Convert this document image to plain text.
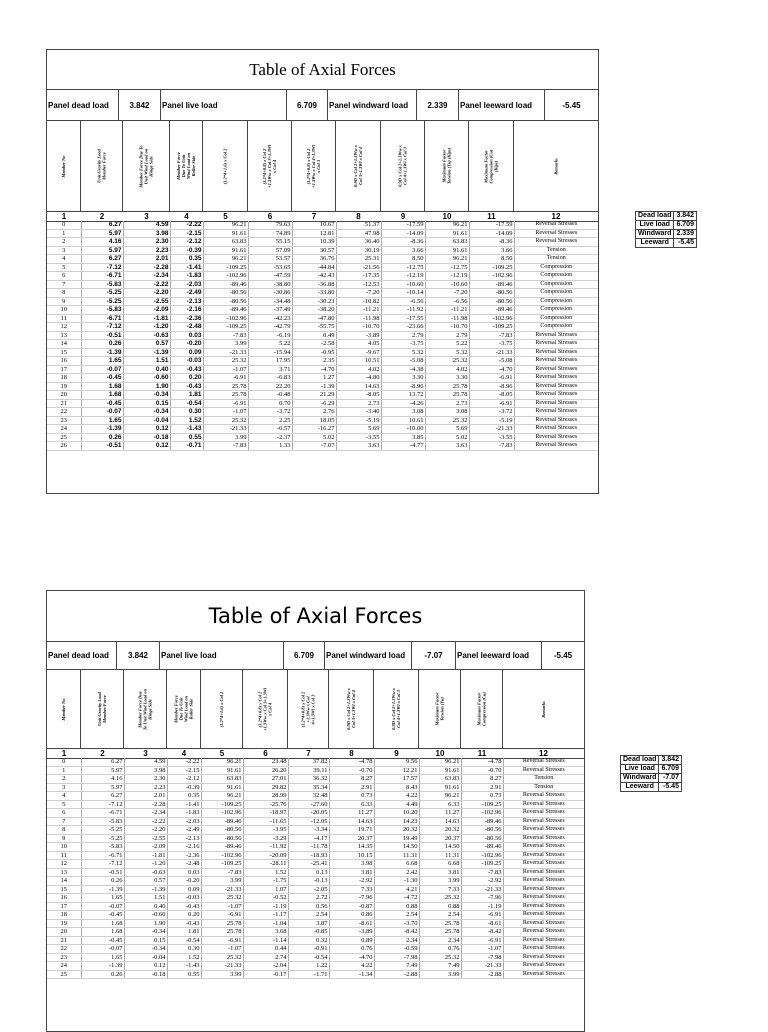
Table of Axial Forces
Panel dead load	3.842	Panel live load	6.709	Panel windward load	2.339	Panel leeward load	-5.45
Member No	Unit Gravity Load Member Force	Member Force Due To Unit Wind Load on Hinge Side	Member Force Due To Unit Wind Load on Roller Side	(1.2*4+1.6) x Col 2	(1.2*4+0.8) x Col 2 +1.3Ww x Col 3+1.3Wl x Col 4	(1.2*4+0.8) x Col 2 +1.3Ww x Col 4+1.3Wl x Col 3	0.9D x Col 2+1.3Ww x Col 3+1.3Wl x Col 4	0.9D x Col 2+1.3Ww x Col 4+1.3Wl x Col 3	Maximum Factor Tension (Tu) (Kips)	Maximum Factor Compression (Cu) (Kips)	Remarks
1	2	3	4	5	6	7	8	9	10	11	12
0	6.27	4.59	-2.22	96.21	79.63	10.67	51.37	-17.59	96.21	-17.59	Reversal Stresses
1	5.97	3.98	-2.15	91.61	74.89	12.81	47.98	-14.09	91.61	-14.09	Reversal Stresses
2	4.16	2.30	-2.12	63.83	55.15	10.39	36.40	-8.36	63.83	-8.36	Reversal Stresses
3	5.97	2.23	-0.39	91.61	57.09	30.57	30.19	3.66	91.61	3.66	Tension
4	6.27	2.01	0.35	96.21	53.57	36.76	25.31	8.50	96.21	8.50	Tension
5	-7.12	-2.28	-1.41	-109.25	-53.65	-44.84	-21.56	-12.75	-12.75	-109.25	Compression
6	-6.71	-2.34	-1.83	-102.96	-47.59	-42.43	-17.35	-12.19	-12.19	-102.96	Compression
7	-5.83	-2.22	-2.03	-89.46	-38.80	-36.88	-12.53	-10.60	-10.60	-89.46	Compression
8	-5.25	-2.20	-2.49	-80.56	-30.86	-33.80	-7.20	-10.14	-7.20	-80.56	Compression
9	-5.25	-2.55	-2.13	-80.56	-34.48	-30.23	-10.82	-6.56	-6.56	-80.56	Compression
10	-5.83	-2.09	-2.16	-89.46	-37.49	-38.20	-11.21	-11.92	-11.21	-89.46	Compression
11	-6.71	-1.81	-2.36	-102.96	-42.23	-47.80	-11.98	-17.55	-11.98	-102.96	Compression
12	-7.12	-1.20	-2.48	-109.25	-42.79	-55.75	-10.70	-23.66	-10.70	-109.25	Compression
13	-0.51	-0.63	0.03	-7.83	-6.19	0.49	-3.89	2.79	2.79	-7.83	Reversal Stresses
14	0.26	0.57	-0.20	3.99	5.22	-2.58	4.05	-3.75	5.22	-3.75	Reversal Stresses
15	-1.39	-1.39	0.09	-21.33	-15.94	-0.95	-9.67	5.32	5.32	-21.33	Reversal Stresses
16	1.65	1.51	-0.03	25.32	17.95	2.35	10.51	-5.08	25.32	-5.08	Reversal Stresses
17	-0.07	0.40	-0.43	-1.07	3.71	-4.70	4.02	-4.38	4.02	-4.70	Reversal Stresses
18	-0.45	-0.60	0.20	-6.91	-6.83	1.27	-4.80	3.30	3.30	-6.91	Reversal Stresses
19	1.68	1.90	-0.43	25.78	22.20	-1.39	14.63	-8.96	25.78	-8.96	Reversal Stresses
20	1.68	-0.34	1.81	25.78	-0.48	21.29	-8.05	13.72	25.78	-8.05	Reversal Stresses
21	-0.45	0.15	-0.54	-6.91	0.70	-6.29	2.73	-4.26	2.73	-6.91	Reversal Stresses
22	-0.07	-0.34	0.30	-1.07	-3.72	2.76	-3.40	3.08	3.08	-3.72	Reversal Stresses
23	1.65	-0.04	1.52	25.32	2.25	18.05	-5.19	10.61	25.32	-5.19	Reversal Stresses
24	-1.39	0.12	-1.43	-21.33	-0.57	-16.27	5.69	-10.00	5.69	-21.33	Reversal Stresses
25	0.26	-0.18	0.55	3.99	-2.37	5.02	-3.55	3.85	5.02	-3.55	Reversal Stresses
26	-0.51	0.12	-0.71	-7.83	1.33	-7.07	3.63	-4.77	3.63	-7.83	Reversal Stresses
Dead load	3.842
Live load	6.709
Windward	2.339
Leeward	-5.45
Table of Axial Forces
Panel dead load	3.842	Panel live load	6.709	Panel windward load	-7.07	Panel leeward load	-5.45
Member No	Unit Gravity Load Member Force	Member Force Due To Unit Wind Load on Hinge Side	Member Force Due To Unit Wind Load on Roller Side	(1.2*4+1.6) x Col 2	(1.2*4+0.8) x Col 2 +1.3Ww x Col 3+1.3Wl x Col 4	(1.2*4+0.8) x Col 2 +1.3Ww x Col 4+1.3Wl x Col 3	0.9D x Col 2+1.3Ww x Col 3+1.3Wl x Col 4	0.9D x Col 2+1.3Ww x Col 4+1.3Wl x Col 3	Maximum Factor Tension (Tu)	Maximum Factor Compression (Cu)	Remarks
1	2	3	4	5	6	7	8	9	10	11	12
0	6.27	4.59	-2.22	96.21	23.48	37.82	-4.78	9.56	96.21	-4.78	Reversal Stresses
1	5.97	3.98	-2.15	91.61	26.20	39.11	-0.70	12.21	91.61	-0.70	Reversal Stresses
2	4.16	2.30	-2.12	63.83	27.01	36.32	8.27	17.57	63.83	8.27	Tension
3	5.97	2.23	-0.39	91.61	29.82	35.34	2.91	8.43	91.61	2.91	Tension
4	6.27	2.01	0.35	96.21	28.99	32.48	0.73	4.22	96.21	0.73	Reversal Stresses
5	-7.12	-2.28	-1.41	-109.25	-25.76	-27.60	6.33	4.49	6.33	-109.25	Reversal Stresses
6	-6.71	-2.34	-1.83	-102.96	-18.97	-20.05	11.27	10.20	11.27	-102.96	Reversal Stresses
7	-5.83	-2.22	-2.03	-89.46	-11.65	-12.05	14.63	14.23	14.63	-89.46	Reversal Stresses
8	-5.25	-2.20	-2.49	-80.56	-3.95	-3.34	19.71	20.32	20.32	-80.56	Reversal Stresses
9	-5.25	-2.55	-2.13	-80.56	-3.29	-4.17	20.37	19.49	20.37	-80.56	Reversal Stresses
10	-5.83	-2.09	-2.16	-89.46	-11.92	-11.78	14.35	14.50	14.50	-89.46	Reversal Stresses
11	-6.71	-1.81	-2.36	-102.96	-20.09	-18.93	10.15	11.31	11.31	-102.96	Reversal Stresses
12	-7.12	-1.20	-2.48	-109.25	-28.11	-25.41	3.98	6.68	6.68	-109.25	Reversal Stresses
13	-0.51	-0.63	0.03	-7.83	1.52	0.13	3.81	2.42	3.81	-7.83	Reversal Stresses
14	0.26	0.57	-0.20	3.99	-1.75	-0.13	-2.92	-1.30	3.99	-2.92	Reversal Stresses
15	-1.39	-1.39	0.09	-21.33	1.07	-2.05	7.33	4.21	7.33	-21.33	Reversal Stresses
16	1.65	1.51	-0.03	25.32	-0.52	2.72	-7.96	-4.72	25.32	-7.96	Reversal Stresses
17	-0.07	0.40	-0.43	-1.07	-1.19	0.56	-0.87	0.88	0.88	-1.19	Reversal Stresses
18	-0.45	-0.60	0.20	-6.91	-1.17	2.54	0.86	2.54	2.54	-6.91	Reversal Stresses
19	1.68	1.90	-0.43	25.78	-1.04	3.87	-8.61	-3.70	25.78	-8.61	Reversal Stresses
20	1.68	-0.34	1.81	25.78	3.68	-0.85	-3.89	-8.42	25.78	-8.42	Reversal Stresses
21	-0.45	0.15	-0.54	-6.91	-1.14	0.32	0.89	2.34	2.34	-6.91	Reversal Stresses
22	-0.07	-0.34	0.30	-1.07	0.44	-0.91	0.76	-0.59	0.76	-1.07	Reversal Stresses
23	1.65	-0.04	1.52	25.32	2.74	-0.54	-4.70	-7.98	25.32	-7.98	Reversal Stresses
24	-1.39	0.12	-1.43	-21.33	-2.04	1.22	4.22	7.49	7.49	-21.33	Reversal Stresses
25	0.26	-0.18	0.55	3.99	-0.17	-1.71	-1.34	-2.88	3.99	-2.88	Reversal Stresses
Dead load	3.842
Live load	6.709
Windward	-7.07
Leeward	-5.45
